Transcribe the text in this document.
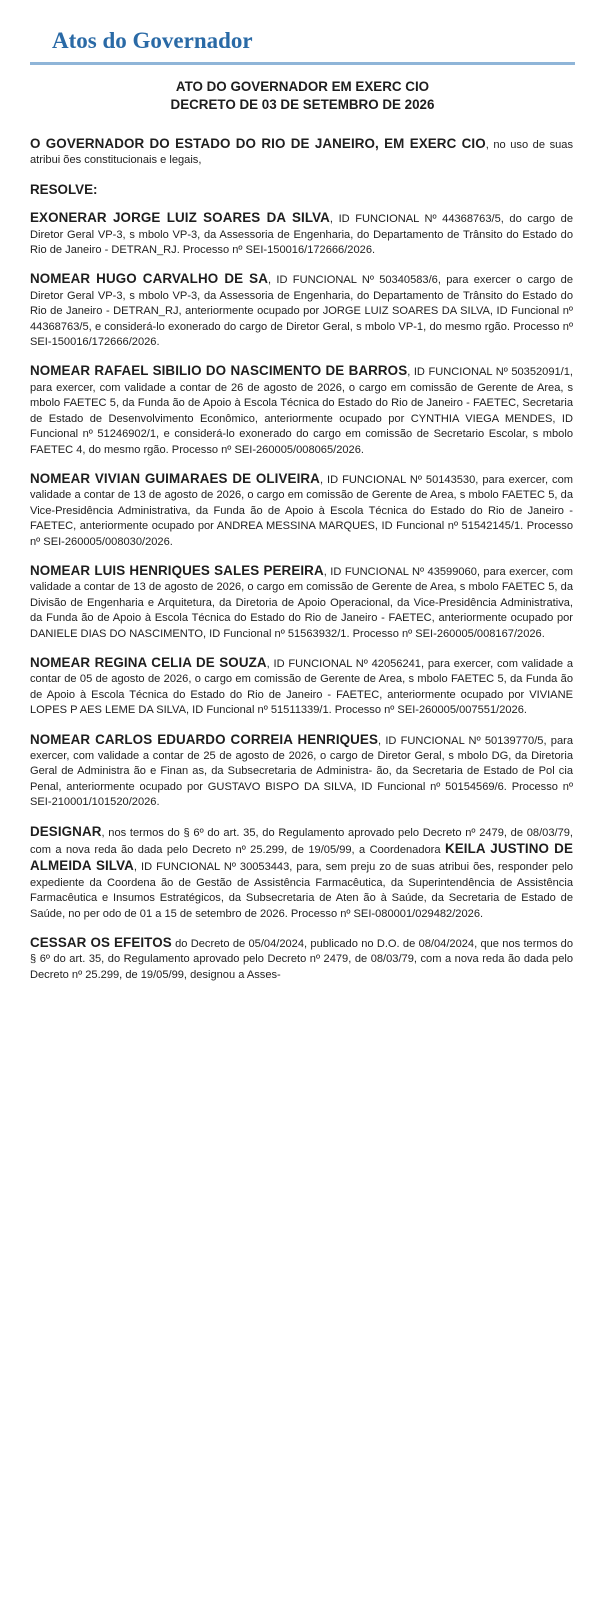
Atos do Governador
ATO DO GOVERNADOR EM EXERC CIO
DECRETO DE 03 DE SETEMBRO DE 2026

O GOVERNADOR DO ESTADO DO RIO DE JANEIRO, EM EXERC CIO, no uso de suas atribui ões constitucionais e legais,

RESOLVE:

EXONERAR JORGE LUIZ SOARES DA SILVA, ID FUNCIONAL Nº 44368763/5, do cargo de Diretor Geral VP-3, s mbolo VP-3, da Assessoria de Engenharia, do Departamento de Trânsito do Estado do Rio de Janeiro - DETRAN_RJ. Processo nº SEI-150016/172666/2026.

NOMEAR HUGO CARVALHO DE SA, ID FUNCIONAL Nº 50340583/6, para exercer o cargo de Diretor Geral VP-3, s mbolo VP-3, da Assessoria de Engenharia, do Departamento de Trânsito do Estado do Rio de Janeiro - DETRAN_RJ, anteriormente ocupado por JORGE LUIZ SOARES DA SILVA, ID Funcional nº 44368763/5, e considerá-lo exonerado do cargo de Diretor Geral, s mbolo VP-1, do mesmo rgão. Processo nº SEI-150016/172666/2026.

NOMEAR RAFAEL SIBILIO DO NASCIMENTO DE BARROS, ID FUNCIONAL Nº 50352091/1, para exercer, com validade a contar de 26 de agosto de 2026, o cargo em comissão de Gerente de Area, s mbolo FAETEC 5, da Funda ão de Apoio à Escola Técnica do Estado do Rio de Janeiro - FAETEC, Secretaria de Estado de Desenvolvimento Econômico, anteriormente ocupado por CYNTHIA VIEGA MENDES, ID Funcional nº 51246902/1, e considerá-lo exonerado do cargo em comissão de Secretario Escolar, s mbolo FAETEC 4, do mesmo rgão. Processo nº SEI-260005/008065/2026.

NOMEAR VIVIAN GUIMARAES DE OLIVEIRA, ID FUNCIONAL Nº 50143530, para exercer, com validade a contar de 13 de agosto de 2026, o cargo em comissão de Gerente de Area, s mbolo FAETEC 5, da Vice-Presidência Administrativa, da Funda ão de Apoio à Escola Técnica do Estado do Rio de Janeiro - FAETEC, anteriormente ocupado por ANDREA MESSINA MARQUES, ID Funcional nº 51542145/1. Processo nº SEI-260005/008030/2026.

NOMEAR LUIS HENRIQUES SALES PEREIRA, ID FUNCIONAL Nº 43599060, para exercer, com validade a contar de 13 de agosto de 2026, o cargo em comissão de Gerente de Area, s mbolo FAETEC 5, da Divisão de Engenharia e Arquitetura, da Diretoria de Apoio Operacional, da Vice-Presidência Administrativa, da Funda ão de Apoio à Escola Técnica do Estado do Rio de Janeiro - FAETEC, anteriormente ocupado por DANIELE DIAS DO NASCIMENTO, ID Funcional nº 51563932/1. Processo nº SEI-260005/008167/2026.

NOMEAR REGINA CELIA DE SOUZA, ID FUNCIONAL Nº 42056241, para exercer, com validade a contar de 05 de agosto de 2026, o cargo em comissão de Gerente de Area, s mbolo FAETEC 5, da Funda ão de Apoio à Escola Técnica do Estado do Rio de Janeiro - FAETEC, anteriormente ocupado por VIVIANE LOPES P AES LEME DA SILVA, ID Funcional nº 51511339/1. Processo nº SEI-260005/007551/2026.

NOMEAR CARLOS EDUARDO CORREIA HENRIQUES, ID FUNCIONAL Nº 50139770/5, para exercer, com validade a contar de 25 de agosto de 2026, o cargo de Diretor Geral, s mbolo DG, da Diretoria Geral de Administra ão e Finan as, da Subsecretaria de Administra- ão, da Secretaria de Estado de Pol cia Penal, anteriormente ocupado por GUSTAVO BISPO DA SILVA, ID Funcional nº 50154569/6. Processo nº SEI-210001/101520/2026.

DESIGNAR, nos termos do § 6º do art. 35, do Regulamento aprovado pelo Decreto nº 2479, de 08/03/79, com a nova reda ão dada pelo Decreto nº 25.299, de 19/05/99, a Coordenadora KEILA JUSTINO DE ALMEIDA SILVA, ID FUNCIONAL Nº 30053443, para, sem preju zo de suas atribui ões, responder pelo expediente da Coordena ão de Gestão de Assistência Farmacêutica, da Superintendência de Assistência Farmacêutica e Insumos Estratégicos, da Subsecretaria de Aten ão à Saúde, da Secretaria de Estado de Saúde, no per odo de 01 a 15 de setembro de 2026. Processo nº SEI-080001/029482/2026.

CESSAR OS EFEITOS do Decreto de 05/04/2024, publicado no D.O. de 08/04/2024, que nos termos do § 6º do art. 35, do Regulamento aprovado pelo Decreto nº 2479, de 08/03/79, com a nova reda ão dada pelo Decreto nº 25.299, de 19/05/99, designou a Asses-
